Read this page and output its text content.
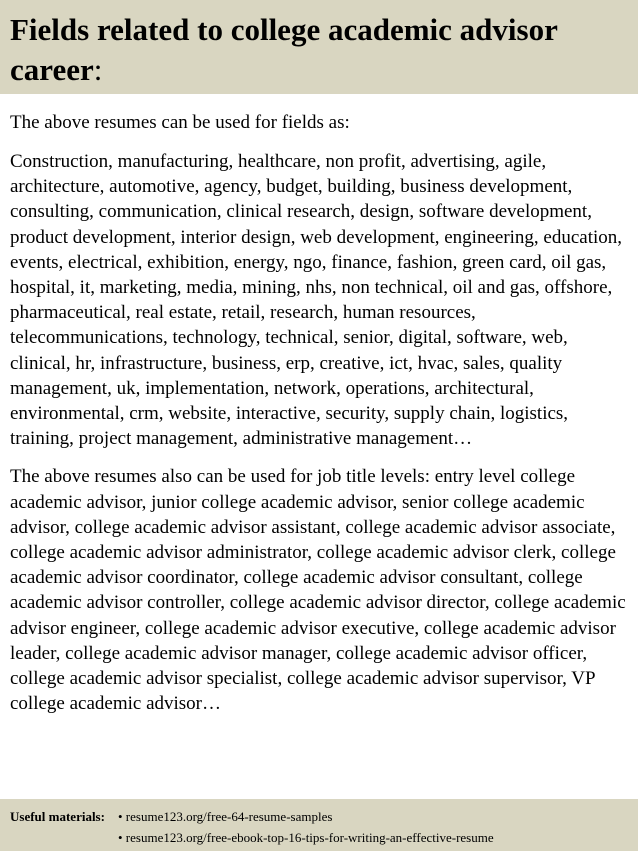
Fields related to college academic advisor career:

The above resumes can be used for fields as:

Construction, manufacturing, healthcare, non profit, advertising, agile, architecture, automotive, agency, budget, building, business development, consulting, communication, clinical research, design, software development, product development, interior design, web development, engineering, education, events, electrical, exhibition, energy, ngo, finance, fashion, green card, oil gas, hospital, it, marketing, media, mining, nhs, non technical, oil and gas, offshore, pharmaceutical, real estate, retail, research, human resources, telecommunications, technology, technical, senior, digital, software, web, clinical, hr, infrastructure, business, erp, creative, ict, hvac, sales, quality management, uk, implementation, network, operations, architectural, environmental, crm, website, interactive, security, supply chain, logistics, training, project management, administrative management…

The above resumes also can be used for job title levels: entry level college academic advisor, junior college academic advisor, senior college academic advisor, college academic advisor assistant, college academic advisor associate, college academic advisor administrator, college academic advisor clerk, college academic advisor coordinator, college academic advisor consultant, college academic advisor controller, college academic advisor director, college academic advisor engineer, college academic advisor executive, college academic advisor leader, college academic advisor manager, college academic advisor officer, college academic advisor specialist, college academic advisor supervisor, VP college academic advisor…

Useful materials: • resume123.org/free-64-resume-samples
• resume123.org/free-ebook-top-16-tips-for-writing-an-effective-resume
